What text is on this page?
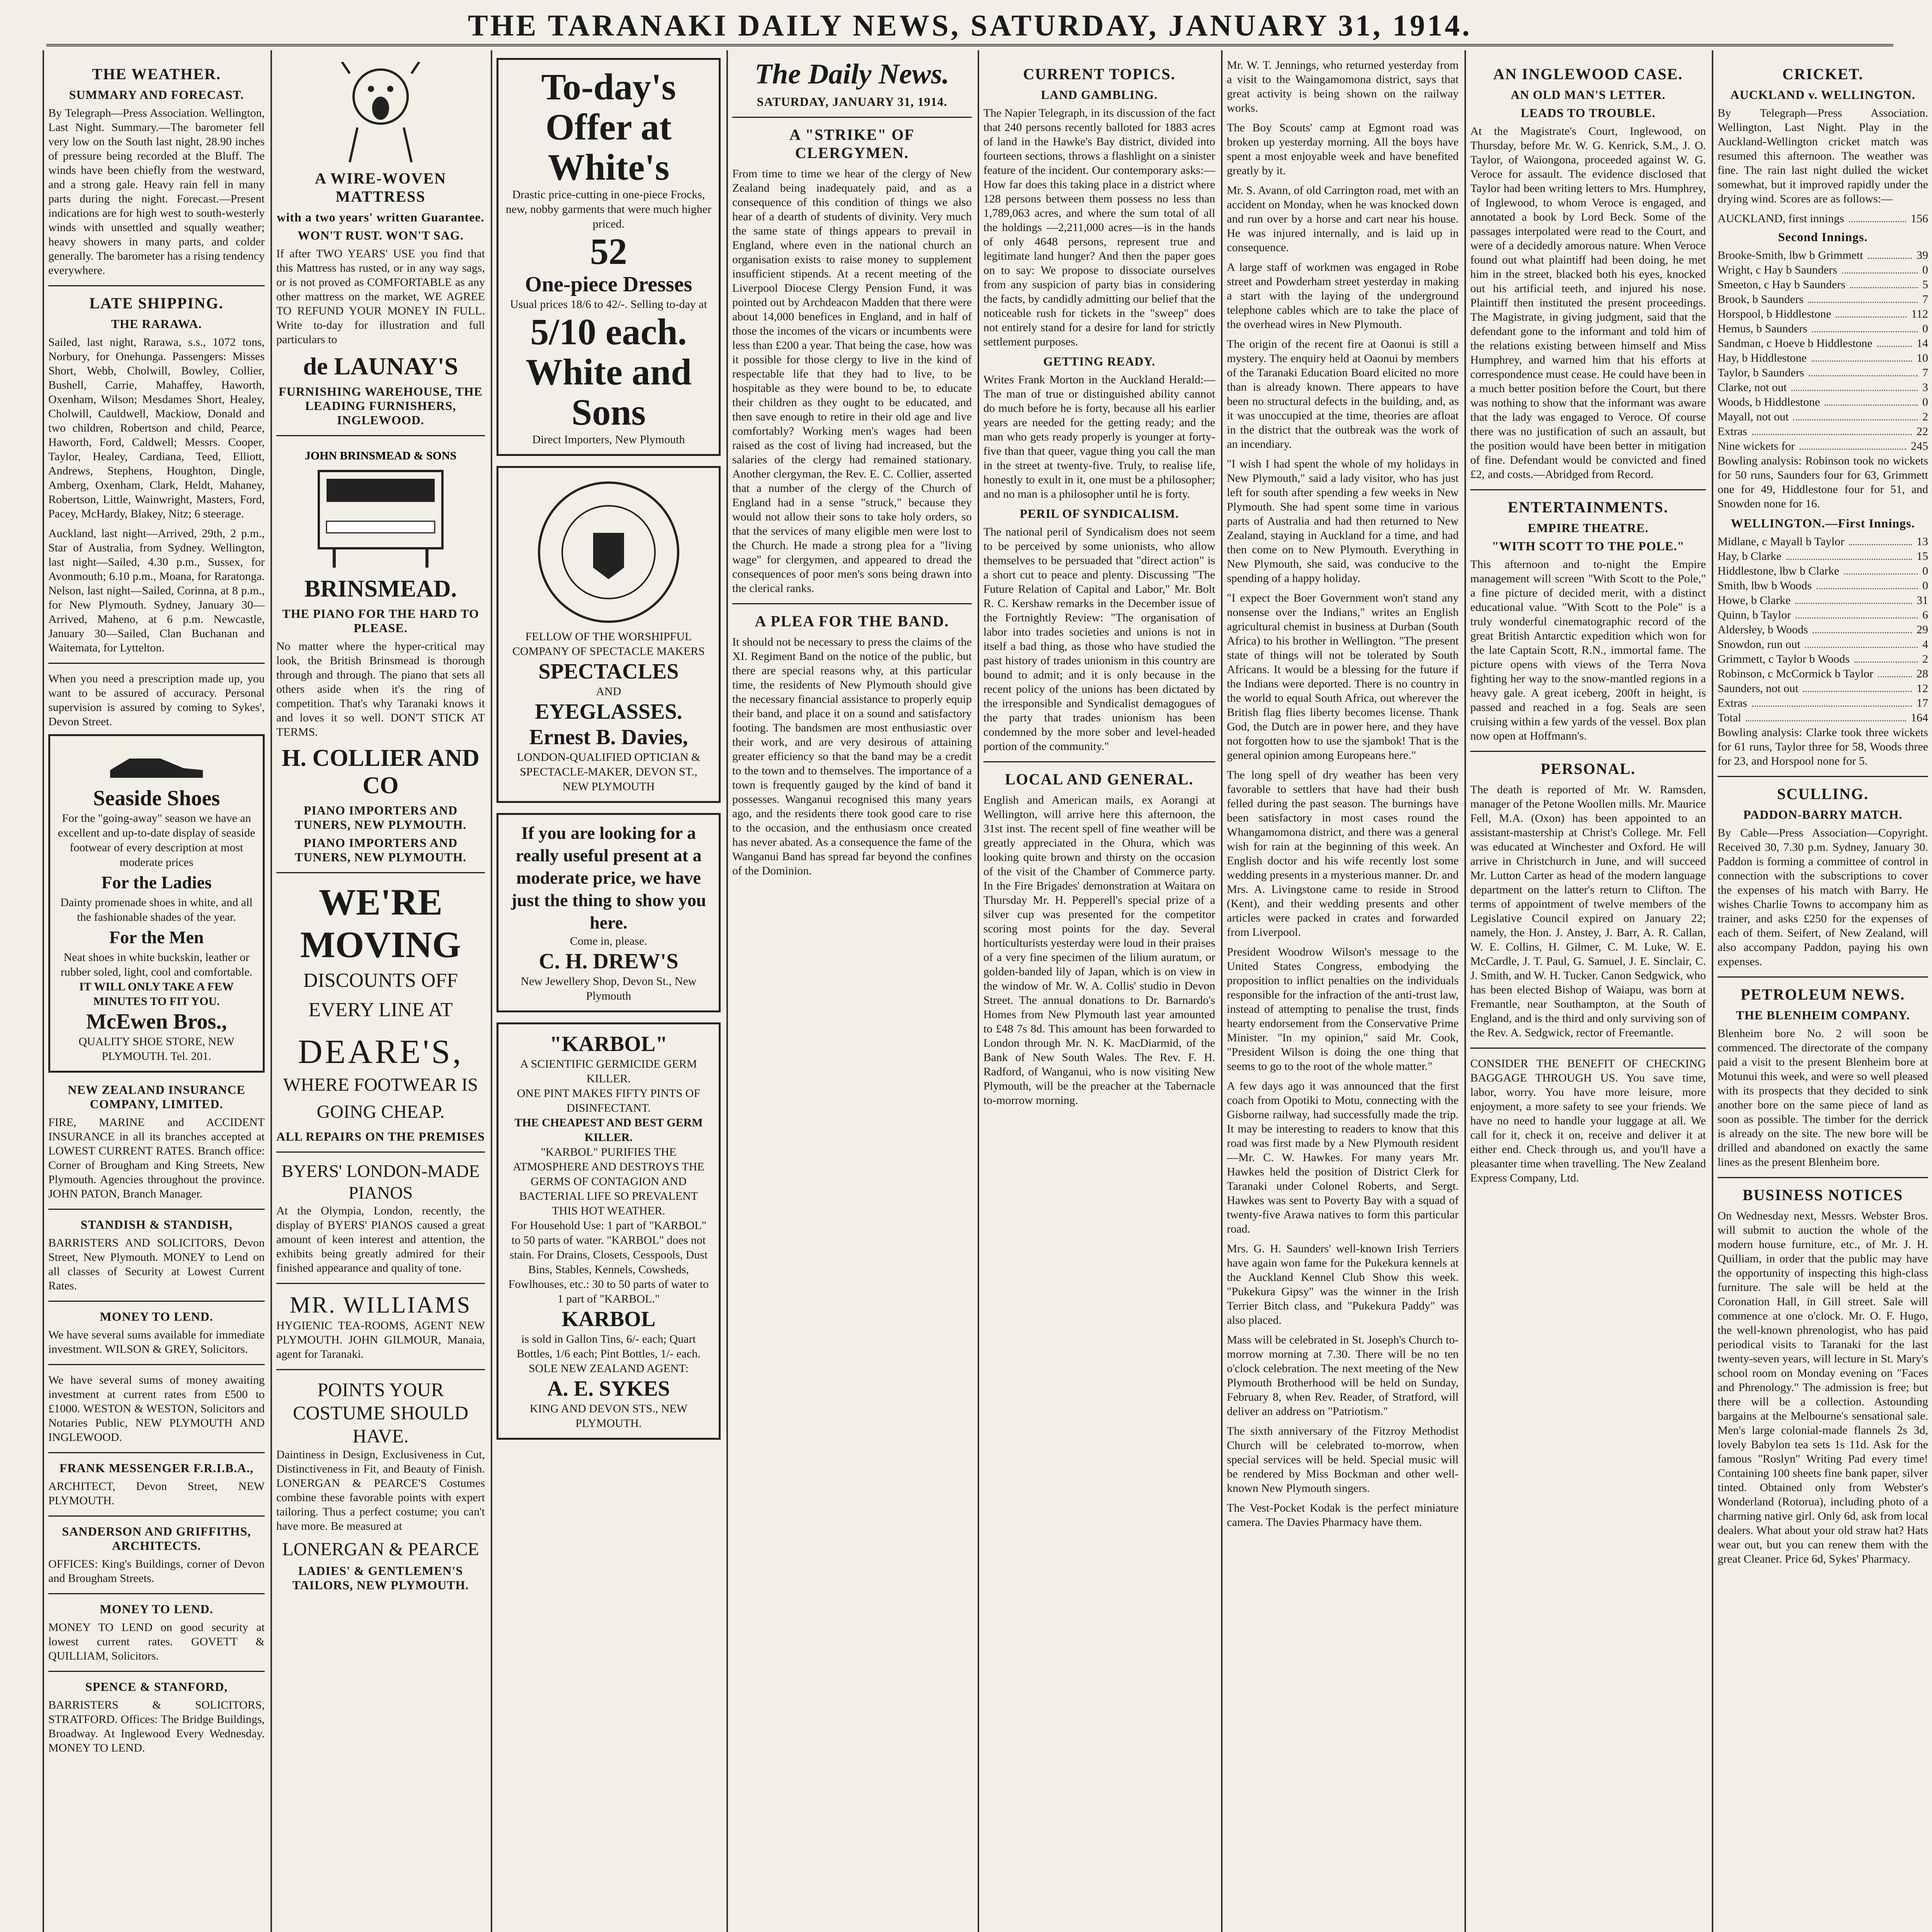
THE TARANAKI DAILY NEWS, SATURDAY, JANUARY 31, 1914.
THE WEATHER.
SUMMARY AND FORECAST.

By Telegraph—Press Association. Wellington, Last Night. Summary.—The barometer fell very low on the South last night, 28.90 inches of pressure being recorded at the Bluff. The winds have been chiefly from the westward, and a strong gale. Heavy rain fell in many parts during the night. Forecast.—Present indications are for high west to south-westerly winds with unsettled and squally weather; heavy showers in many parts, and colder generally. The barometer has a rising tendency everywhere.

LATE SHIPPING.
THE RARAWA.

Sailed, last night, Rarawa, s.s., 1072 tons, Norbury, for Onehunga. Passengers: Misses Short, Webb, Cholwill, Bowley, Collier, Bushell, Carrie, Mahaffey, Haworth, Oxenham, Wilson; Mesdames Short, Healey, Cholwill, Cauldwell, Mackiow, Donald and two children, Robertson and child, Pearce, Haworth, Ford, Caldwell; Messrs. Cooper, Taylor, Healey, Cardiana, Teed, Elliott, Andrews, Stephens, Houghton, Dingle, Amberg, Oxenham, Clark, Heldt, Mahaney, Robertson, Little, Wainwright, Masters, Ford, Pacey, McHardy, Blakey, Nitz; 6 steerage.

Auckland, last night—Arrived, 29th, 2 p.m., Star of Australia, from Sydney. Wellington, last night—Sailed, 4.30 p.m., Sussex, for Avonmouth; 6.10 p.m., Moana, for Raratonga. Nelson, last night—Sailed, Corinna, at 8 p.m., for New Plymouth. Sydney, January 30—Arrived, Maheno, at 6 p.m. Newcastle, January 30—Sailed, Clan Buchanan and Waitemata, for Lyttelton.

When you need a prescription made up, you want to be assured of accuracy. Personal supervision is assured by coming to Sykes', Devon Street.

Seaside Shoes
For the "going-away" season we have an excellent and up-to-date display of seaside footwear of every description at most moderate prices
For the Ladies
Dainty promenade shoes in white, and all the fashionable shades of the year.
For the Men
Neat shoes in white buckskin, leather or rubber soled, light, cool and comfortable.
IT WILL ONLY TAKE A FEW MINUTES TO FIT YOU.
McEwen Bros.,
QUALITY SHOE STORE, NEW PLYMOUTH. Tel. 201.
NEW ZEALAND INSURANCE COMPANY, LIMITED.

FIRE, MARINE and ACCIDENT INSURANCE in all its branches accepted at LOWEST CURRENT RATES. Branch office: Corner of Brougham and King Streets, New Plymouth. Agencies throughout the province. JOHN PATON, Branch Manager.

STANDISH & STANDISH,

BARRISTERS AND SOLICITORS, Devon Street, New Plymouth. MONEY to Lend on all classes of Security at Lowest Current Rates.

MONEY TO LEND.

We have several sums available for immediate investment. WILSON & GREY, Solicitors.

We have several sums of money awaiting investment at current rates from £500 to £1000. WESTON & WESTON, Solicitors and Notaries Public, NEW PLYMOUTH AND INGLEWOOD.

FRANK MESSENGER F.R.I.B.A.,

ARCHITECT, Devon Street, NEW PLYMOUTH.

SANDERSON AND GRIFFITHS, ARCHITECTS.

OFFICES: King's Buildings, corner of Devon and Brougham Streets.

MONEY TO LEND.

MONEY TO LEND on good security at lowest current rates. GOVETT & QUILLIAM, Solicitors.

SPENCE & STANFORD,

BARRISTERS & SOLICITORS, STRATFORD. Offices: The Bridge Buildings, Broadway. At Inglewood Every Wednesday. MONEY TO LEND.

A WIRE-WOVEN MATTRESS
with a two years' written Guarantee.
WON'T RUST. WON'T SAG.

If after TWO YEARS' USE you find that this Mattress has rusted, or in any way sags, or is not proved as COMFORTABLE as any other mattress on the market, WE AGREE TO REFUND YOUR MONEY IN FULL. Write to-day for illustration and full particulars to

de LAUNAY'S
FURNISHING WAREHOUSE, THE LEADING FURNISHERS, INGLEWOOD.
JOHN BRINSMEAD & SONS
BRINSMEAD.
THE PIANO FOR THE HARD TO PLEASE.

No matter where the hyper-critical may look, the British Brinsmead is thorough through and through. The piano that sets all others aside when it's the ring of competition. That's why Taranaki knows it and loves it so well. DON'T STICK AT TERMS.

H. COLLIER AND CO
PIANO IMPORTERS AND TUNERS, NEW PLYMOUTH.
PIANO IMPORTERS AND TUNERS, NEW PLYMOUTH.
WE'RE MOVING
DISCOUNTS OFF EVERY LINE AT
DEARE'S,
WHERE FOOTWEAR IS GOING CHEAP.
ALL REPAIRS ON THE PREMISES
BYERS' LONDON-MADE PIANOS

At the Olympia, London, recently, the display of BYERS' PIANOS caused a great amount of keen interest and attention, the exhibits being greatly admired for their finished appearance and quality of tone.

MR. WILLIAMS

HYGIENIC TEA-ROOMS, AGENT NEW PLYMOUTH. JOHN GILMOUR, Manaia, agent for Taranaki.

POINTS YOUR COSTUME SHOULD HAVE.

Daintiness in Design, Exclusiveness in Cut, Distinctiveness in Fit, and Beauty of Finish. LONERGAN & PEARCE'S Costumes combine these favorable points with expert tailoring. Thus a perfect costume; you can't have more. Be measured at

LONERGAN & PEARCE
LADIES' & GENTLEMEN'S TAILORS, NEW PLYMOUTH.
To-day's Offer at White's
Drastic price-cutting in one-piece Frocks, new, nobby garments that were much higher priced.
52
One-piece Dresses
Usual prices 18/6 to 42/-. Selling to-day at
5/10 each.
White and Sons
Direct Importers, New Plymouth
FELLOW OF THE WORSHIPFUL COMPANY OF SPECTACLE MAKERS
SPECTACLES
AND
EYEGLASSES.
Ernest B. Davies,
LONDON-QUALIFIED OPTICIAN & SPECTACLE-MAKER, DEVON ST., NEW PLYMOUTH
If you are looking for a really useful present at a moderate price, we have just the thing to show you here.
Come in, please.
C. H. DREW'S
New Jewellery Shop, Devon St., New Plymouth
"KARBOL"
A SCIENTIFIC GERMICIDE GERM KILLER.
ONE PINT MAKES FIFTY PINTS OF DISINFECTANT.
THE CHEAPEST AND BEST GERM KILLER.
"KARBOL" PURIFIES THE ATMOSPHERE AND DESTROYS THE GERMS OF CONTAGION AND BACTERIAL LIFE SO PREVALENT THIS HOT WEATHER.
For Household Use: 1 part of "KARBOL" to 50 parts of water. "KARBOL" does not stain. For Drains, Closets, Cesspools, Dust Bins, Stables, Kennels, Cowsheds, Fowlhouses, etc.: 30 to 50 parts of water to 1 part of "KARBOL."
KARBOL
is sold in Gallon Tins, 6/- each; Quart Bottles, 1/6 each; Pint Bottles, 1/- each.
SOLE NEW ZEALAND AGENT:
A. E. SYKES
KING AND DEVON STS., NEW PLYMOUTH.
The Daily News.
SATURDAY, JANUARY 31, 1914.
A "STRIKE" OF CLERGYMEN.

From time to time we hear of the clergy of New Zealand being inadequately paid, and as a consequence of this condition of things we also hear of a dearth of students of divinity. Very much the same state of things appears to prevail in England, where even in the national church an organisation exists to raise money to supplement insufficient stipends. At a recent meeting of the Liverpool Diocese Clergy Pension Fund, it was pointed out by Archdeacon Madden that there were about 14,000 benefices in England, and in half of those the incomes of the vicars or incumbents were less than £200 a year. That being the case, how was it possible for those clergy to live in the kind of respectable life that they had to live, to be hospitable as they were bound to be, to educate their children as they ought to be educated, and then save enough to retire in their old age and live comfortably? Working men's wages had been raised as the cost of living had increased, but the salaries of the clergy had remained stationary. Another clergyman, the Rev. E. C. Collier, asserted that a number of the clergy of the Church of England had in a sense "struck," because they would not allow their sons to take holy orders, so that the services of many eligible men were lost to the Church. He made a strong plea for a "living wage" for clergymen, and appeared to dread the consequences of poor men's sons being drawn into the clerical ranks.

A PLEA FOR THE BAND.

It should not be necessary to press the claims of the XI. Regiment Band on the notice of the public, but there are special reasons why, at this particular time, the residents of New Plymouth should give the necessary financial assistance to properly equip their band, and place it on a sound and satisfactory footing. The bandsmen are most enthusiastic over their work, and are very desirous of attaining greater efficiency so that the band may be a credit to the town and to themselves. The importance of a town is frequently gauged by the kind of band it possesses. Wanganui recognised this many years ago, and the residents there took good care to rise to the occasion, and the enthusiasm once created has never abated. As a consequence the fame of the Wanganui Band has spread far beyond the confines of the Dominion.

CURRENT TOPICS.
LAND GAMBLING.

The Napier Telegraph, in its discussion of the fact that 240 persons recently balloted for 1883 acres of land in the Hawke's Bay district, divided into fourteen sections, throws a flashlight on a sinister feature of the incident. Our contemporary asks:—How far does this taking place in a district where 128 persons between them possess no less than 1,789,063 acres, and where the sum total of all the holdings —2,211,000 acres—is in the hands of only 4648 persons, represent true and legitimate land hunger? And then the paper goes on to say: We propose to dissociate ourselves from any suspicion of party bias in considering the facts, by candidly admitting our belief that the noticeable rush for tickets in the "sweep" does not entirely stand for a desire for land for strictly settlement purposes.

GETTING READY.

Writes Frank Morton in the Auckland Herald:—The man of true or distinguished ability cannot do much before he is forty, because all his earlier years are needed for the getting ready; and the man who gets ready properly is younger at forty-five than that queer, vague thing you call the man in the street at twenty-five. Truly, to realise life, honestly to exult in it, one must be a philosopher; and no man is a philosopher until he is forty.

PERIL OF SYNDICALISM.

The national peril of Syndicalism does not seem to be perceived by some unionists, who allow themselves to be persuaded that "direct action" is a short cut to peace and plenty. Discussing "The Future Relation of Capital and Labor," Mr. Bolt R. C. Kershaw remarks in the December issue of the Fortnightly Review: "The organisation of labor into trades societies and unions is not in itself a bad thing, as those who have studied the past history of trades unionism in this country are bound to admit; and it is only because in the recent policy of the unions has been dictated by the irresponsible and Syndicalist demagogues of the party that trades unionism has been condemned by the more sober and level-headed portion of the community."

LOCAL AND GENERAL.

English and American mails, ex Aorangi at Wellington, will arrive here this afternoon, the 31st inst. The recent spell of fine weather will be greatly appreciated in the Ohura, which was looking quite brown and thirsty on the occasion of the visit of the Chamber of Commerce party. In the Fire Brigades' demonstration at Waitara on Thursday Mr. H. Pepperell's special prize of a silver cup was presented for the competitor scoring most points for the day. Several horticulturists yesterday were loud in their praises of a very fine specimen of the lilium auratum, or golden-banded lily of Japan, which is on view in the window of Mr. W. A. Collis' studio in Devon Street. The annual donations to Dr. Barnardo's Homes from New Plymouth last year amounted to £48 7s 8d. This amount has been forwarded to London through Mr. N. K. MacDiarmid, of the Bank of New South Wales. The Rev. F. H. Radford, of Wanganui, who is now visiting New Plymouth, will be the preacher at the Tabernacle to-morrow morning.

Mr. W. T. Jennings, who returned yesterday from a visit to the Waingamomona district, says that great activity is being shown on the railway works.

The Boy Scouts' camp at Egmont road was broken up yesterday morning. All the boys have spent a most enjoyable week and have benefited greatly by it.

Mr. S. Avann, of old Carrington road, met with an accident on Monday, when he was knocked down and run over by a horse and cart near his house. He was injured internally, and is laid up in consequence.

A large staff of workmen was engaged in Robe street and Powderham street yesterday in making a start with the laying of the underground telephone cables which are to take the place of the overhead wires in New Plymouth.

The origin of the recent fire at Oaonui is still a mystery. The enquiry held at Oaonui by members of the Taranaki Education Board elicited no more than is already known. There appears to have been no structural defects in the building, and, as it was unoccupied at the time, theories are afloat in the district that the outbreak was the work of an incendiary.

"I wish I had spent the whole of my holidays in New Plymouth," said a lady visitor, who has just left for south after spending a few weeks in New Plymouth. She had spent some time in various parts of Australia and had then returned to New Zealand, staying in Auckland for a time, and had then come on to New Plymouth. Everything in New Plymouth, she said, was conducive to the spending of a happy holiday.

"I expect the Boer Government won't stand any nonsense over the Indians," writes an English agricultural chemist in business at Durban (South Africa) to his brother in Wellington. "The present state of things will not be tolerated by South Africans. It would be a blessing for the future if the Indians were deported. There is no country in the world to equal South Africa, out wherever the British flag flies liberty becomes license. Thank God, the Dutch are in power here, and they have not forgotten how to use the sjambok! That is the general opinion among Europeans here."

The long spell of dry weather has been very favorable to settlers that have had their bush felled during the past season. The burnings have been satisfactory in most cases round the Whangamomona district, and there was a general wish for rain at the beginning of this week. An English doctor and his wife recently lost some wedding presents in a mysterious manner. Dr. and Mrs. A. Livingstone came to reside in Strood (Kent), and their wedding presents and other articles were packed in crates and forwarded from Liverpool.

President Woodrow Wilson's message to the United States Congress, embodying the proposition to inflict penalties on the individuals responsible for the infraction of the anti-trust law, instead of attempting to penalise the trust, finds hearty endorsement from the Conservative Prime Minister. "In my opinion," said Mr. Cook, "President Wilson is doing the one thing that seems to go to the root of the whole matter."

A few days ago it was announced that the first coach from Opotiki to Motu, connecting with the Gisborne railway, had successfully made the trip. It may be interesting to readers to know that this road was first made by a New Plymouth resident—Mr. C. W. Hawkes. For many years Mr. Hawkes held the position of District Clerk for Taranaki under Colonel Roberts, and Sergt. Hawkes was sent to Poverty Bay with a squad of twenty-five Arawa natives to form this particular road.

Mrs. G. H. Saunders' well-known Irish Terriers have again won fame for the Pukekura kennels at the Auckland Kennel Club Show this week. "Pukekura Gipsy" was the winner in the Irish Terrier Bitch class, and "Pukekura Paddy" was also placed.

Mass will be celebrated in St. Joseph's Church to-morrow morning at 7.30. There will be no ten o'clock celebration. The next meeting of the New Plymouth Brotherhood will be held on Sunday, February 8, when Rev. Reader, of Stratford, will deliver an address on "Patriotism."

The sixth anniversary of the Fitzroy Methodist Church will be celebrated to-morrow, when special services will be held. Special music will be rendered by Miss Bockman and other well-known New Plymouth singers.

The Vest-Pocket Kodak is the perfect miniature camera. The Davies Pharmacy have them.

AN INGLEWOOD CASE.
AN OLD MAN'S LETTER.
LEADS TO TROUBLE.

At the Magistrate's Court, Inglewood, on Thursday, before Mr. W. G. Kenrick, S.M., J. O. Taylor, of Waiongona, proceeded against W. G. Veroce for assault. The evidence disclosed that Taylor had been writing letters to Mrs. Humphrey, of Inglewood, to whom Veroce is engaged, and annotated a book by Lord Beck. Some of the passages interpolated were read to the Court, and were of a decidedly amorous nature. When Veroce found out what plaintiff had been doing, he met him in the street, blacked both his eyes, knocked out his artificial teeth, and injured his nose. Plaintiff then instituted the present proceedings. The Magistrate, in giving judgment, said that the defendant gone to the informant and told him of the relations existing between himself and Miss Humphrey, and warned him that his efforts at correspondence must cease. He could have been in a much better position before the Court, but there was nothing to show that the informant was aware that the lady was engaged to Veroce. Of course there was no justification of such an assault, but the position would have been better in mitigation of fine. Defendant would be convicted and fined £2, and costs.—Abridged from Record.

ENTERTAINMENTS.
EMPIRE THEATRE.
"WITH SCOTT TO THE POLE."

This afternoon and to-night the Empire management will screen "With Scott to the Pole," a fine picture of decided merit, with a distinct educational value. "With Scott to the Pole" is a truly wonderful cinematographic record of the great British Antarctic expedition which won for the late Captain Scott, R.N., immortal fame. The picture opens with views of the Terra Nova fighting her way to the snow-mantled regions in a heavy gale. A great iceberg, 200ft in height, is passed and reached in a fog. Seals are seen cruising within a few yards of the vessel. Box plan now open at Hoffmann's.

PERSONAL.

The death is reported of Mr. W. Ramsden, manager of the Petone Woollen mills. Mr. Maurice Fell, M.A. (Oxon) has been appointed to an assistant-mastership at Christ's College. Mr. Fell was educated at Winchester and Oxford. He will arrive in Christchurch in June, and will succeed Mr. Lutton Carter as head of the modern language department on the latter's return to Clifton. The terms of appointment of twelve members of the Legislative Council expired on January 22; namely, the Hon. J. Anstey, J. Barr, A. R. Callan, W. E. Collins, H. Gilmer, C. M. Luke, W. E. McCardle, J. T. Paul, G. Samuel, J. E. Sinclair, C. J. Smith, and W. H. Tucker. Canon Sedgwick, who has been elected Bishop of Waiapu, was born at Fremantle, near Southampton, at the South of England, and is the third and only surviving son of the Rev. A. Sedgwick, rector of Freemantle.

CONSIDER THE BENEFIT OF CHECKING BAGGAGE THROUGH US. You save time, labor, worry. You have more leisure, more enjoyment, a more safety to see your friends. We have no need to handle your luggage at all. We call for it, check it on, receive and deliver it at either end. Check through us, and you'll have a pleasanter time when travelling. The New Zealand Express Company, Ltd.

CRICKET.
AUCKLAND v. WELLINGTON.

By Telegraph—Press Association. Wellington, Last Night. Play in the Auckland-Wellington cricket match was resumed this afternoon. The weather was fine. The rain last night dulled the wicket somewhat, but it improved rapidly under the drying wind. Scores are as follows:—

AUCKLAND, first innings	156
Second Innings.
Brooke-Smith, lbw b Grimmett	39
Wright, c Hay b Saunders	0
Smeeton, c Hay b Saunders	5
Brook, b Saunders	7
Horspool, b Hiddlestone	112
Hemus, b Saunders	0
Sandman, c Hoeve b Hiddlestone	14
Hay, b Hiddlestone	10
Taylor, b Saunders	7
Clarke, not out	3
Woods, b Hiddlestone	0
Mayall, not out	2
Extras	22
Nine wickets for	245

Bowling analysis: Robinson took no wickets for 50 runs, Saunders four for 63, Grimmett one for 49, Hiddlestone four for 51, and Snowden none for 16.

WELLINGTON.—First Innings.
Midlane, c Mayall b Taylor	13
Hay, b Clarke	15
Hiddlestone, lbw b Clarke	0
Smith, lbw b Woods	0
Howe, b Clarke	31
Quinn, b Taylor	6
Aldersley, b Woods	29
Snowdon, run out	4
Grimmett, c Taylor b Woods	2
Robinson, c McCormick b Taylor	28
Saunders, not out	12
Extras	17
Total	164

Bowling analysis: Clarke took three wickets for 61 runs, Taylor three for 58, Woods three for 23, and Horspool none for 5.

SCULLING.
PADDON-BARRY MATCH.

By Cable—Press Association—Copyright. Received 30, 7.30 p.m. Sydney, January 30. Paddon is forming a committee of control in connection with the subscriptions to cover the expenses of his match with Barry. He wishes Charlie Towns to accompany him as trainer, and asks £250 for the expenses of each of them. Seifert, of New Zealand, will also accompany Paddon, paying his own expenses.

PETROLEUM NEWS.
THE BLENHEIM COMPANY.

Blenheim bore No. 2 will soon be commenced. The directorate of the company paid a visit to the present Blenheim bore at Motunui this week, and were so well pleased with its prospects that they decided to sink another bore on the same piece of land as soon as possible. The timber for the derrick is already on the site. The new bore will be drilled and abandoned on exactly the same lines as the present Blenheim bore.

BUSINESS NOTICES

On Wednesday next, Messrs. Webster Bros. will submit to auction the whole of the modern house furniture, etc., of Mr. J. H. Quilliam, in order that the public may have the opportunity of inspecting this high-class furniture. The sale will be held at the Coronation Hall, in Gill street. Sale will commence at one o'clock. Mr. O. F. Hugo, the well-known phrenologist, who has paid periodical visits to Taranaki for the last twenty-seven years, will lecture in St. Mary's school room on Monday evening on "Faces and Phrenology." The admission is free; but there will be a collection. Astounding bargains at the Melbourne's sensational sale. Men's large colonial-made flannels 2s 3d, lovely Babylon tea sets 1s 11d. Ask for the famous "Roslyn" Writing Pad every time! Containing 100 sheets fine bank paper, silver tinted. Obtained only from Webster's Wonderland (Rotorua), including photo of a charming native girl. Only 6d, ask from local dealers. What about your old straw hat? Hats wear out, but you can renew them with the great Cleaner. Price 6d, Sykes' Pharmacy.
